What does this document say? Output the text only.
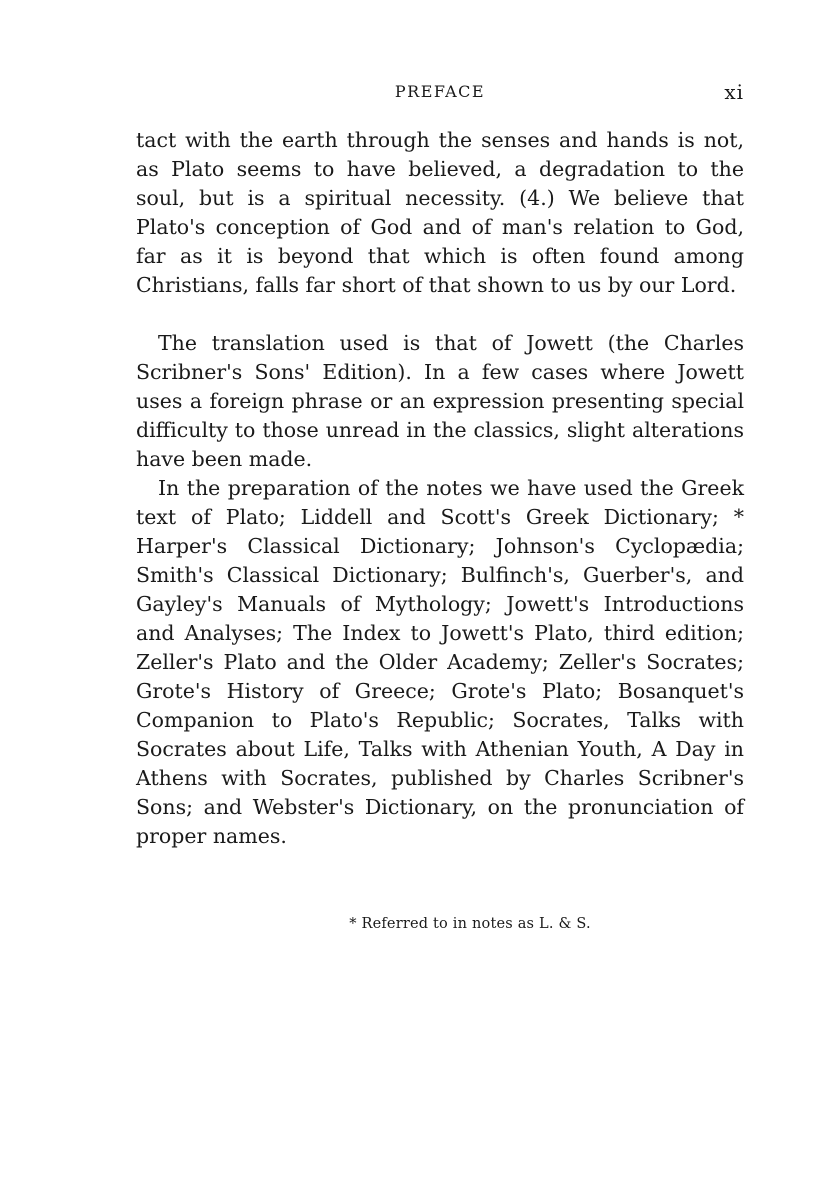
PREFACE	xi

tact with the earth through the senses and hands is not, as Plato seems to have believed, a degradation to the soul, but is a spiritual necessity. (4.) We believe that Plato's conception of God and of man's relation to God, far as it is beyond that which is often found among Christians, falls far short of that shown to us by our Lord.

The translation used is that of Jowett (the Charles Scribner's Sons' Edition). In a few cases where Jowett uses a foreign phrase or an expression presenting special difficulty to those unread in the classics, slight alterations have been made.

In the preparation of the notes we have used the Greek text of Plato; Liddell and Scott's Greek Dictionary; * Harper's Classical Dictionary; Johnson's Cyclopædia; Smith's Classical Dictionary; Bulfinch's, Guerber's, and Gayley's Manuals of Mythology; Jowett's Introductions and Analyses; The Index to Jowett's Plato, third edition; Zeller's Plato and the Older Academy; Zeller's Socrates; Grote's History of Greece; Grote's Plato; Bosanquet's Companion to Plato's Republic; Socrates, Talks with Socrates about Life, Talks with Athenian Youth, A Day in Athens with Socrates, published by Charles Scribner's Sons; and Webster's Dictionary, on the pronunciation of proper names.

* Referred to in notes as L. & S.
